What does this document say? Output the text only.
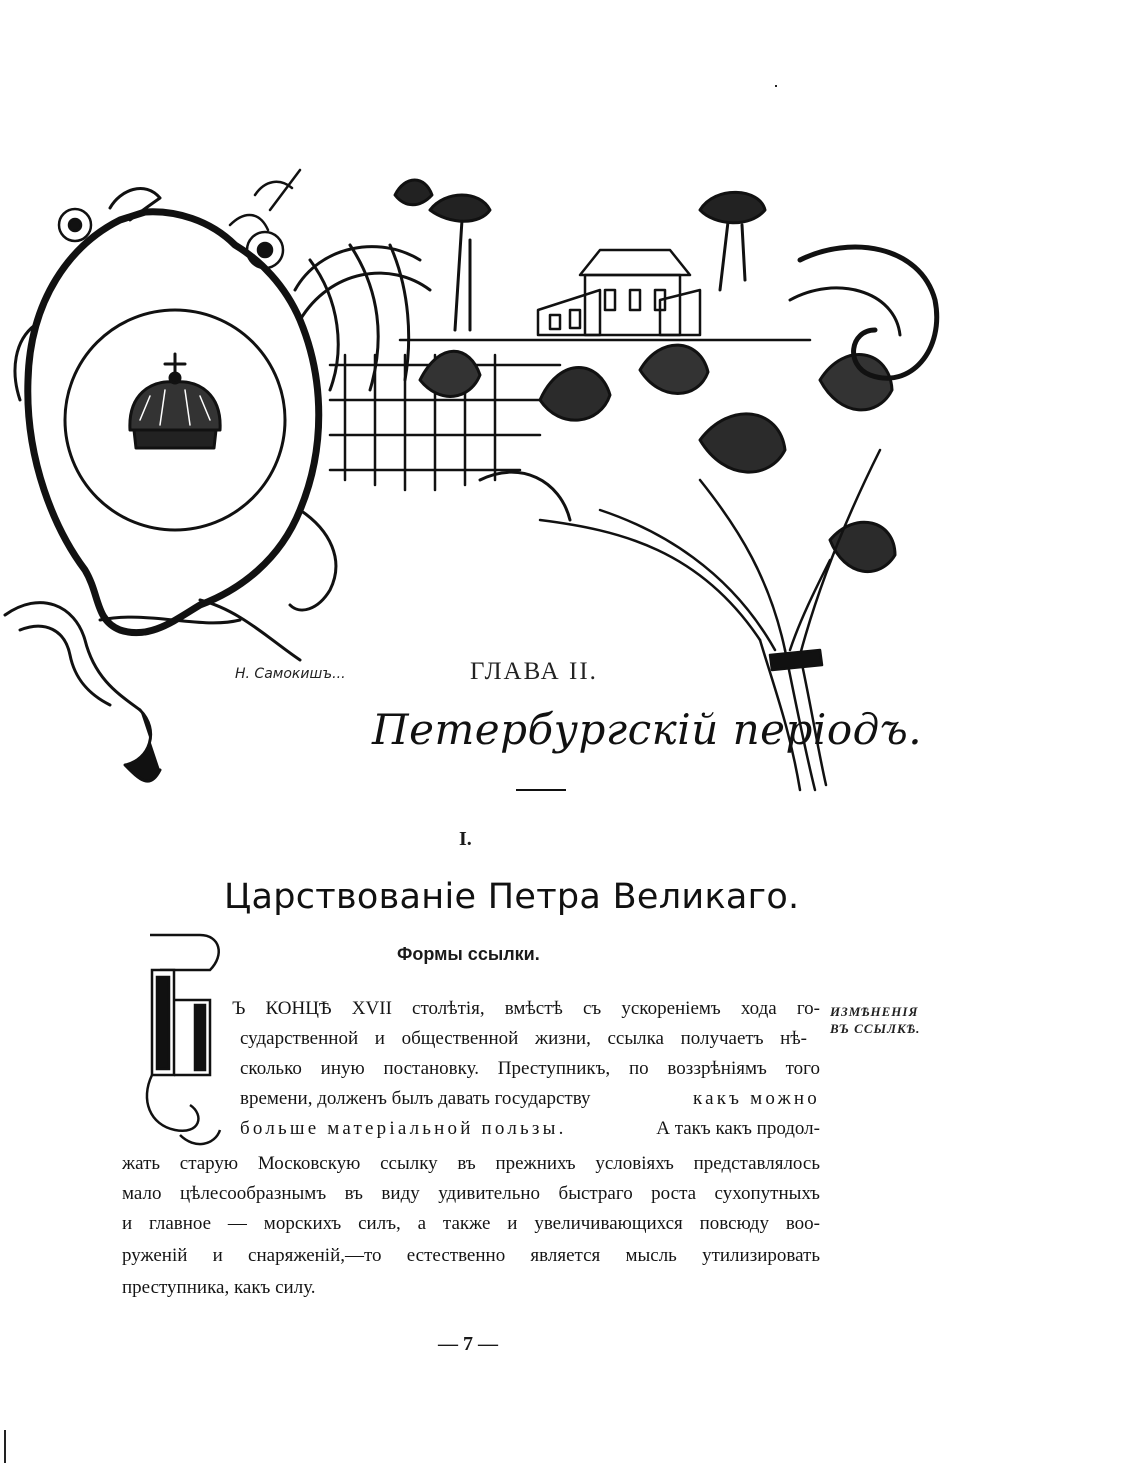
Н. Самокишъ...	ГЛАВА II.
Петербургскій періодъ.
I.
Царствованіе Петра Великаго.
Формы ссылки.
В
Ъ КОНЦѢ XVII столѣтія, вмѣстѣ съ ускореніемъ хода го-
сударственной и общественной жизни, ссылка получаетъ нѣ-
сколько иную постановку. Преступникъ, по воззрѣніямъ того
времени, долженъ былъ давать государству	какъ можно
больше матеріальной пользы.	А такъ какъ продол-
жать старую Московскую ссылку въ прежнихъ условіяхъ представлялось
мало цѣлесообразнымъ въ виду удивительно быстраго роста сухопутныхъ
и главное — морскихъ силъ, а также и увеличивающихся повсюду воо-
руженій и снаряженій,—то естественно является мысль утилизировать
преступника, какъ силу.
ИЗМѢНЕНІЯ
ВЪ ССЫЛКѢ.
— 7 —
